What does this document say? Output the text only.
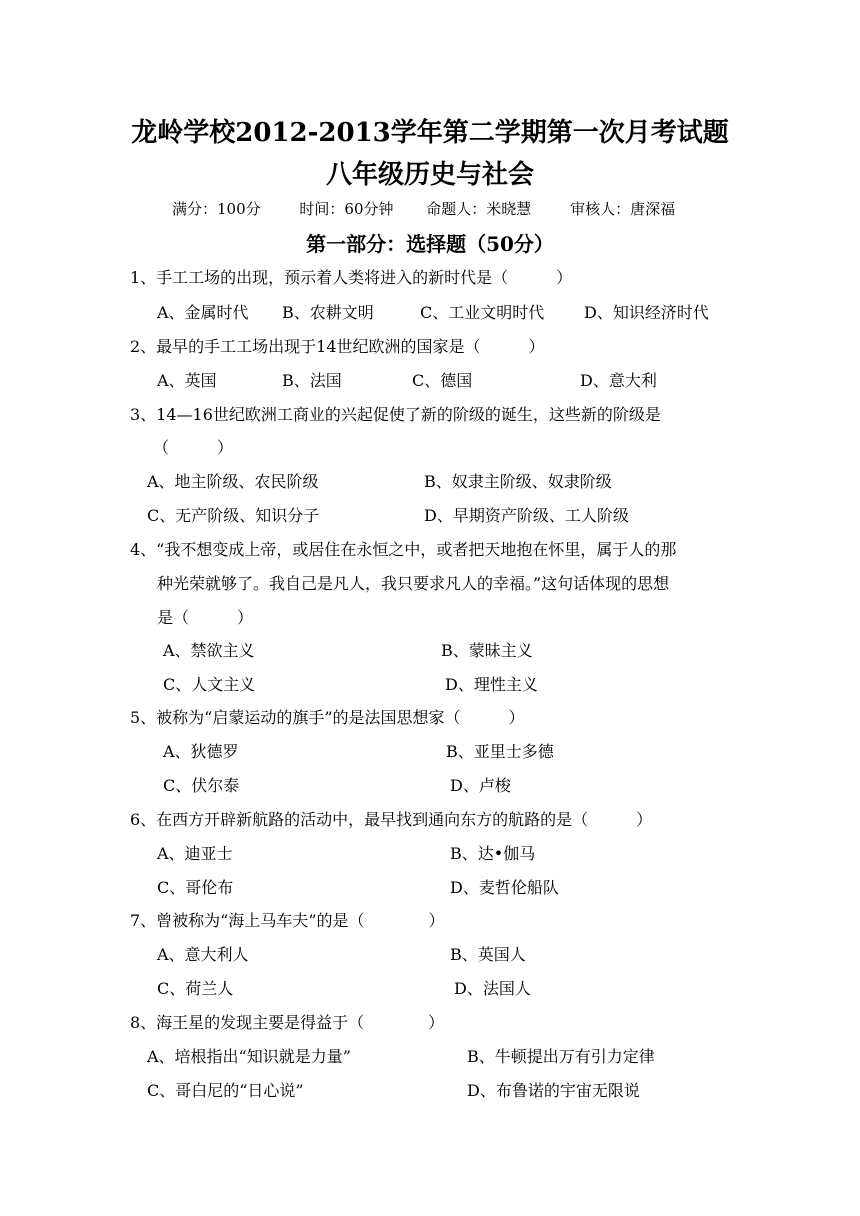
龙岭学校2012-2013学年第二学期第一次月考试题
八年级历史与社会
满分：100分	时间：60分钟 命题人：米晓慧	审核人：唐深福
第一部分：选择题（50分）
1、手工工场的出现，预示着人类将进入的新时代是（　　　）
A、金属时代 B、农耕文明	C、工业文明时代 D、知识经济时代
2、最早的手工工场出现于14世纪欧洲的国家是（　　　）
A、英国	B、法国	C、德国	D、意大利
3、14—16世纪欧洲工商业的兴起促使了新的阶级的诞生，这些新的阶级是
（　　　）
A、地主阶级、农民阶级	B、奴隶主阶级、奴隶阶级
C、无产阶级、知识分子	D、早期资产阶级、工人阶级
4、“我不想变成上帝，或居住在永恒之中，或者把天地抱在怀里，属于人的那
种光荣就够了。我自己是凡人，我只要求凡人的幸福。”这句话体现的思想
是（　　　）
A、禁欲主义	B、蒙昧主义
C、人文主义	D、理性主义
5、被称为“启蒙运动的旗手”的是法国思想家（　　　）
A、狄德罗	B、亚里士多德
C、伏尔泰	D、卢梭
6、在西方开辟新航路的活动中，最早找到通向东方的航路的是（　　　）
A、迪亚士	B、达•伽马
C、哥伦布	D、麦哲伦船队
7、曾被称为“海上马车夫”的是（　　　　）
A、意大利人	B、英国人
C、荷兰人	D、法国人
8、海王星的发现主要是得益于（　　　　）
A、培根指出“知识就是力量”	B、牛顿提出万有引力定律
C、哥白尼的“日心说”	D、布鲁诺的宇宙无限说
